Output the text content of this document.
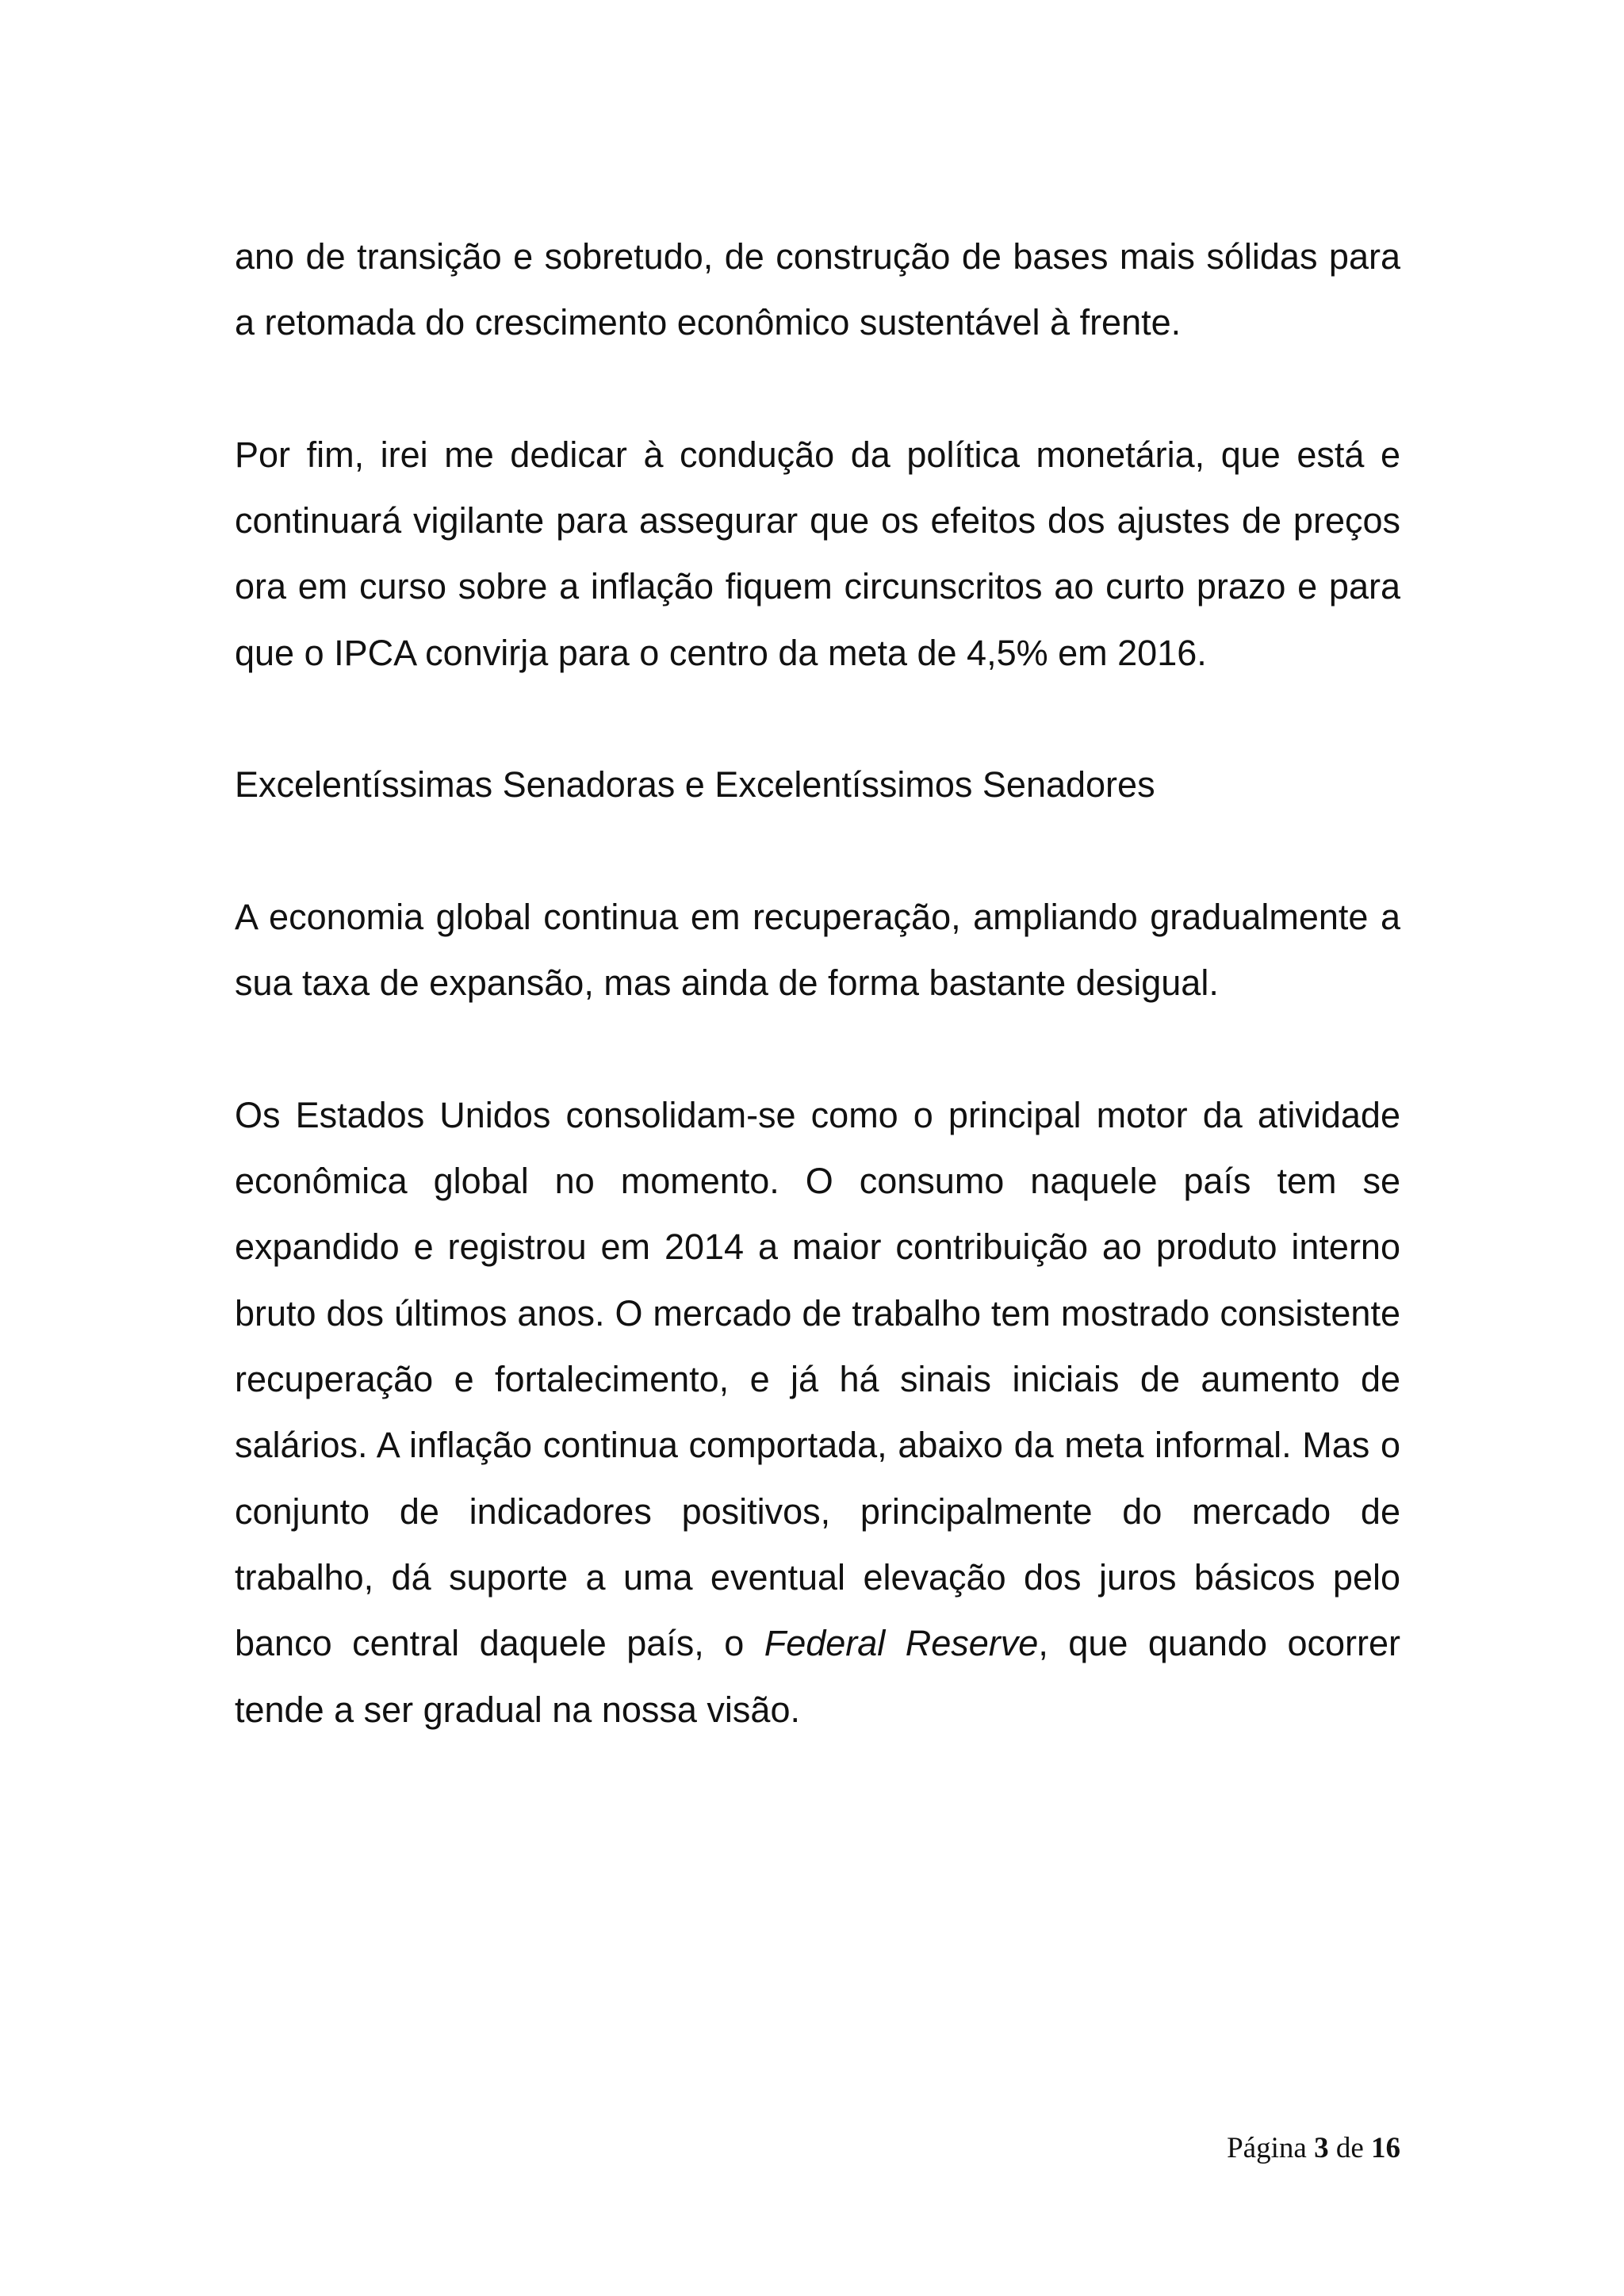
ano de transição e sobretudo, de construção de bases mais sólidas para a retomada do crescimento econômico sustentável à frente.

Por fim, irei me dedicar à condução da política monetária, que está e continuará vigilante para assegurar que os efeitos dos ajustes de preços ora em curso sobre a inflação fiquem circunscritos ao curto prazo e para que o IPCA convirja para o centro da meta de 4,5% em 2016.

Excelentíssimas Senadoras e Excelentíssimos Senadores

A economia global continua em recuperação, ampliando gradualmente a sua taxa de expansão, mas ainda de forma bastante desigual.

Os Estados Unidos consolidam-se como o principal motor da atividade econômica global no momento. O consumo naquele país tem se expandido e registrou em 2014 a maior contribuição ao produto interno bruto dos últimos anos. O mercado de trabalho tem mostrado consistente recuperação e fortalecimento, e já há sinais iniciais de aumento de salários. A inflação continua comportada, abaixo da meta informal. Mas o conjunto de indicadores positivos, principalmente do mercado de trabalho, dá suporte a uma eventual elevação dos juros básicos pelo banco central daquele país, o Federal Reserve, que quando ocorrer tende a ser gradual na nossa visão.

Página 3 de 16
